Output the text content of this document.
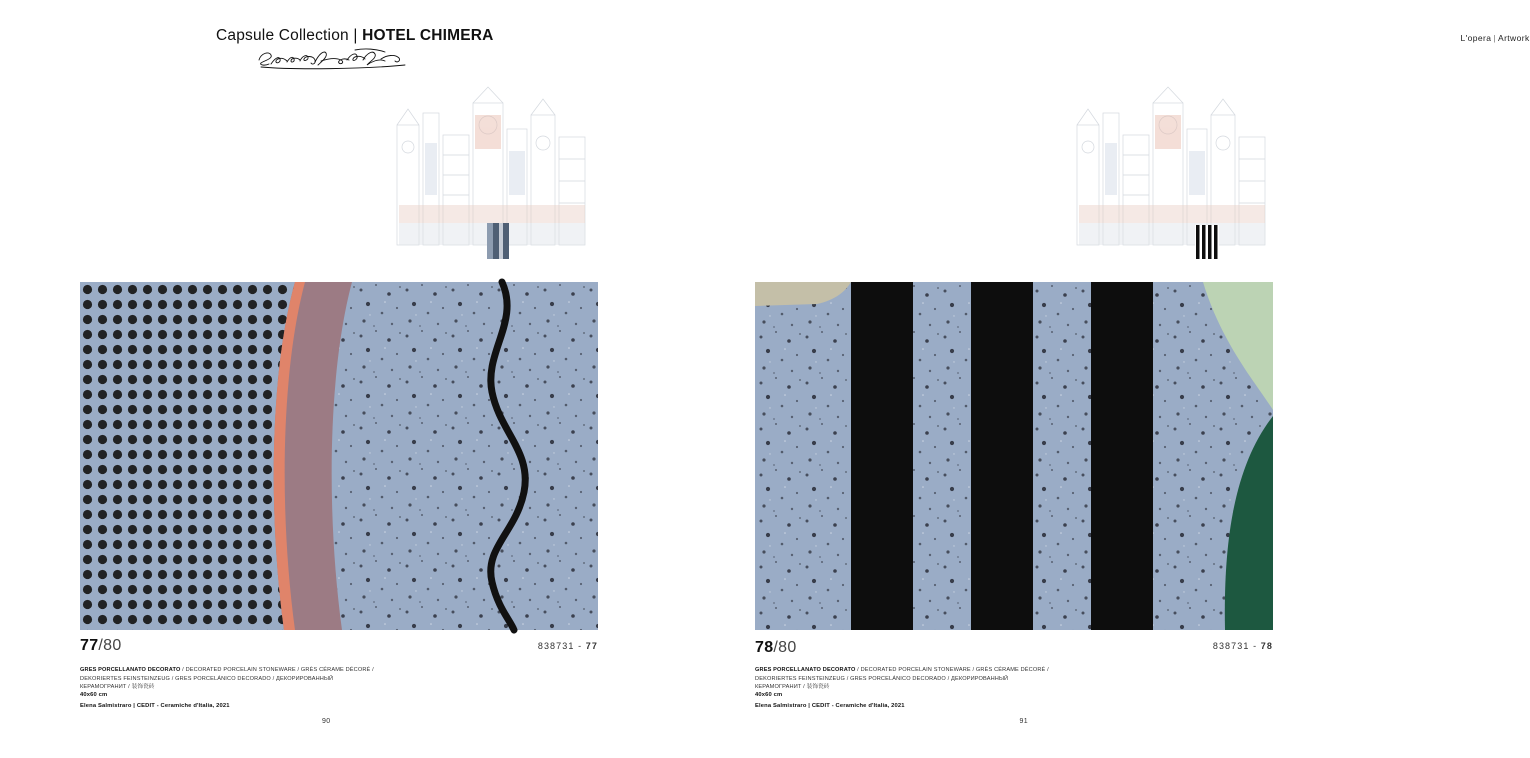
Capsule Collection | HOTEL CHIMERA
77/80	838731 - 77
GRES PORCELLANATO DECORATO / DECORATED PORCELAIN STONEWARE / GRÈS CÉRAME DÉCORÉ / DEKORIERTES FEINSTEINZEUG / GRES PORCELÁNICO DECORADO / ДЕКОРИРОВАННЫЙ КЕРАМОГРАНИТ / 装饰瓷砖
40x60 cm
Elena Salmistraro | CEDIT - Ceramiche d'Italia, 2021
90
L'opera | Artwork
78/80	838731 - 78
GRES PORCELLANATO DECORATO / DECORATED PORCELAIN STONEWARE / GRÈS CÉRAME DÉCORÉ / DEKORIERTES FEINSTEINZEUG / GRES PORCELÁNICO DECORADO / ДЕКОРИРОВАННЫЙ КЕРАМОГРАНИТ / 装饰瓷砖
40x60 cm
Elena Salmistraro | CEDIT - Ceramiche d'Italia, 2021
91
